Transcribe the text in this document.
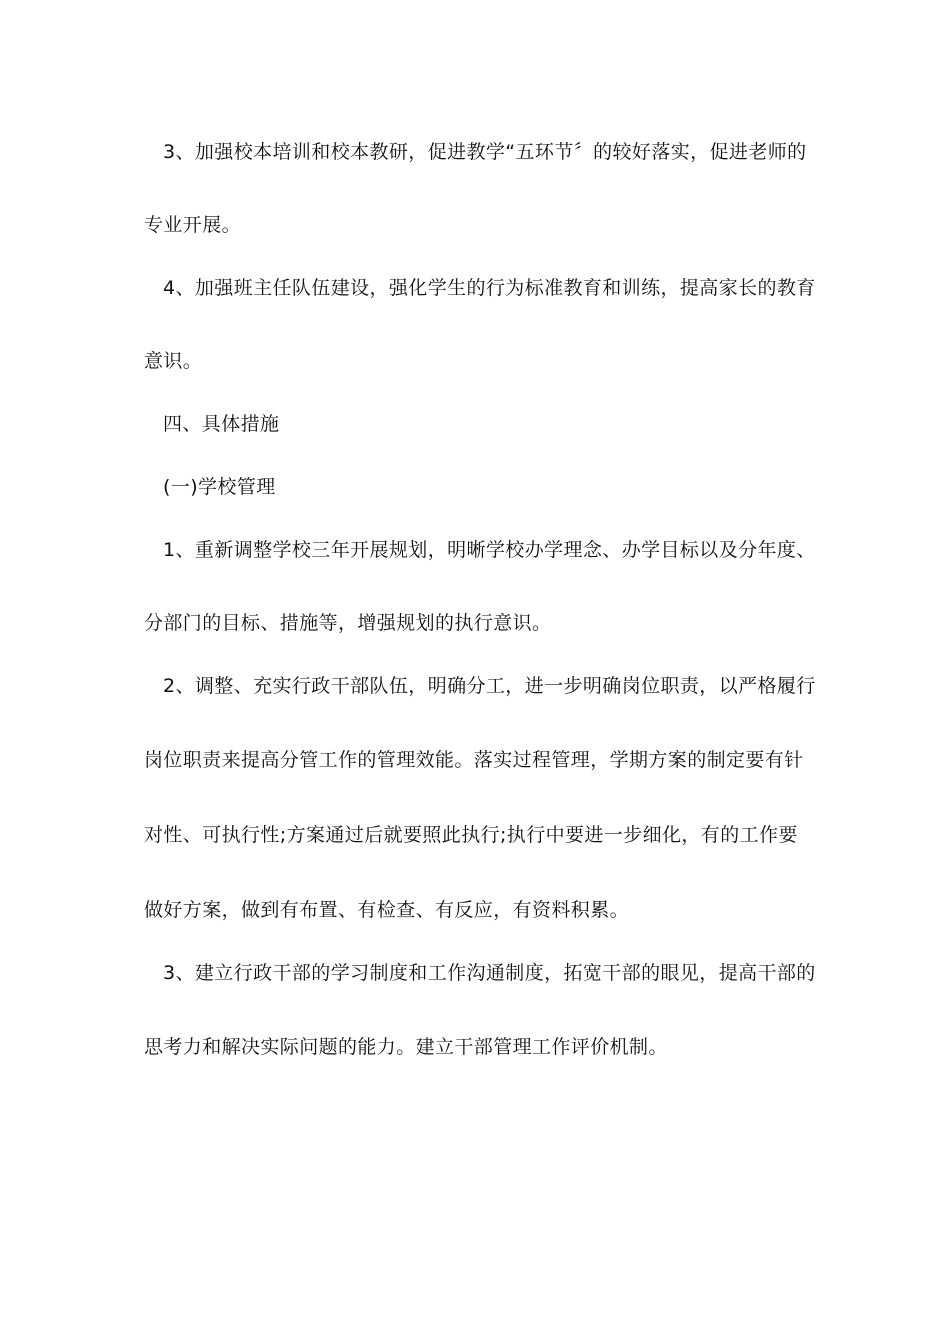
3、加强校本培训和校本教研，促进教学“五环节〞的较好落实，促进老师的
专业开展。
4、加强班主任队伍建设，强化学生的行为标准教育和训练，提高家长的教育
意识。
四、具体措施
(一)学校管理
1、重新调整学校三年开展规划，明晰学校办学理念、办学目标以及分年度、
分部门的目标、措施等，增强规划的执行意识。
2、调整、充实行政干部队伍，明确分工，进一步明确岗位职责，以严格履行
岗位职责来提高分管工作的管理效能。落实过程管理，学期方案的制定要有针
对性、可执行性;方案通过后就要照此执行;执行中要进一步细化，有的工作要
做好方案，做到有布置、有检查、有反应，有资料积累。
3、建立行政干部的学习制度和工作沟通制度，拓宽干部的眼见，提高干部的
思考力和解决实际问题的能力。建立干部管理工作评价机制。
